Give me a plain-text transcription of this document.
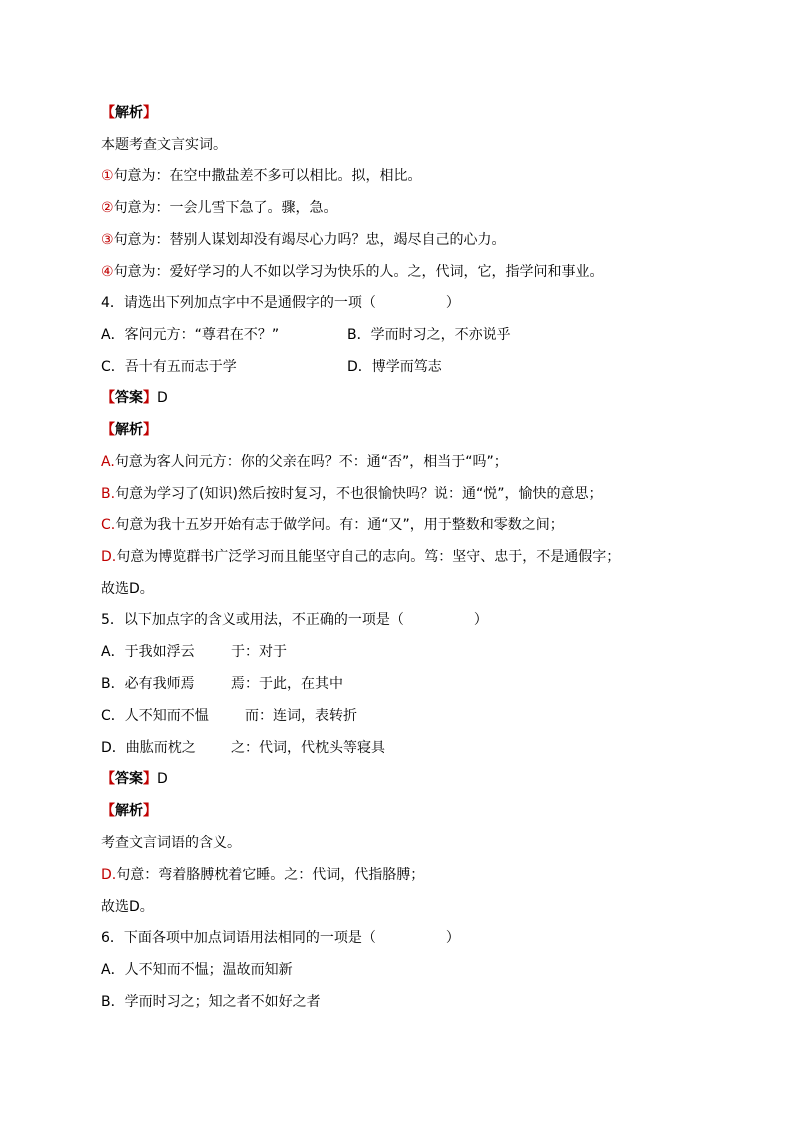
【解析】
本题考查文言实词。
①句意为：在空中撒盐差不多可以相比。拟，相比。
②句意为：一会儿雪下急了。骤，急。
③句意为：替别人谋划却没有竭尽心力吗？忠，竭尽自己的心力。
④句意为：爱好学习的人不如以学习为快乐的人。之，代词，它，指学问和事业。
4．请选出下列加点字中不是通假字的一项（　　　　　）
A．客问元方：“尊君在不？”	B．学而时习之，不亦说乎
C．吾十有五而志于学	D．博学而笃志
【答案】D
【解析】
A.句意为客人问元方：你的父亲在吗？不：通“否”，相当于“吗”；
B.句意为学习了(知识)然后按时复习，不也很愉快吗？说：通“悦”，愉快的意思；
C.句意为我十五岁开始有志于做学问。有：通“又”，用于整数和零数之间；
D.句意为博览群书广泛学习而且能坚守自己的志向。笃：坚守、忠于，不是通假字；
故选D。
5．以下加点字的含义或用法，不正确的一项是（　　　　　）
A．于我如浮云	于：对于
B．必有我师焉	焉：于此，在其中
C．人不知而不愠	而：连词，表转折
D．曲肱而枕之	之：代词，代枕头等寝具
【答案】D
【解析】
考查文言词语的含义。
D.句意：弯着胳膊枕着它睡。之：代词，代指胳膊；
故选D。
6．下面各项中加点词语用法相同的一项是（　　　　　）
A．人不知而不愠；温故而知新
B．学而时习之；知之者不如好之者
